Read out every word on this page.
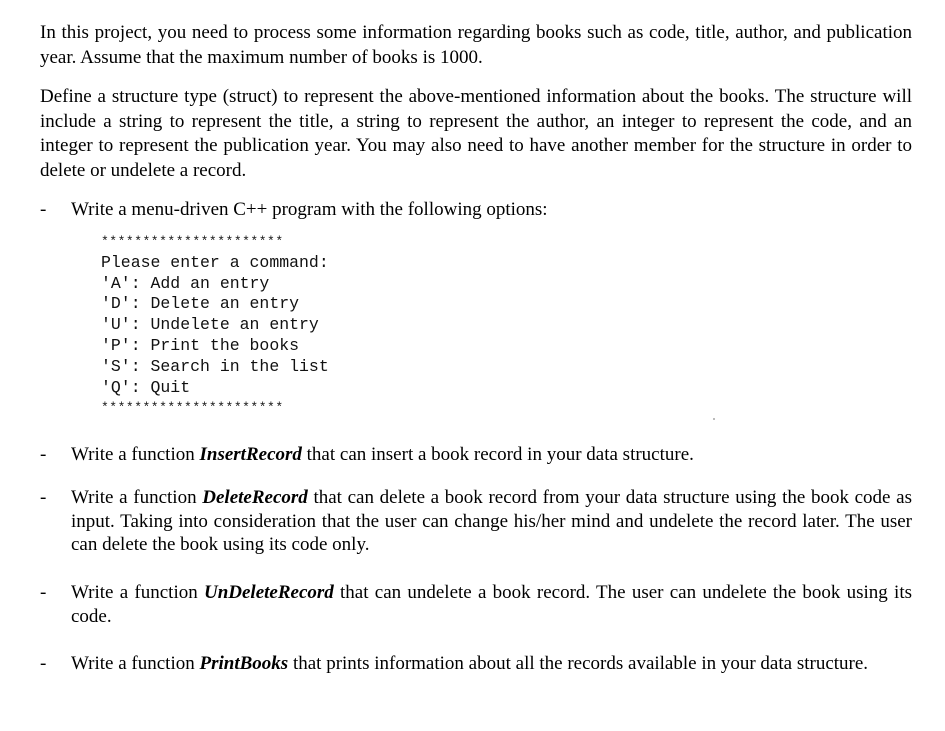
In this project, you need to process some information regarding books such as code, title, author, and publication year. Assume that the maximum number of books is 1000.
Define a structure type (struct) to represent the above-mentioned information about the books. The structure will include a string to represent the title, a string to represent the author, an integer to represent the code, and an integer to represent the publication year. You may also need to have another member for the structure in order to delete or undelete a record.
- Write a menu-driven C++ program with the following options:
**********************
Please enter a command:
'A': Add an entry
'D': Delete an entry
'U': Undelete an entry
'P': Print the books
'S': Search in the list
'Q': Quit
**********************
- Write a function InsertRecord that can insert a book record in your data structure.
- Write a function DeleteRecord that can delete a book record from your data structure using the book code as input. Taking into consideration that the user can change his/her mind and undelete the record later. The user can delete the book using its code only.
- Write a function UnDeleteRecord that can undelete a book record. The user can undelete the book using its code.
- Write a function PrintBooks that prints information about all the records available in your data structure.
